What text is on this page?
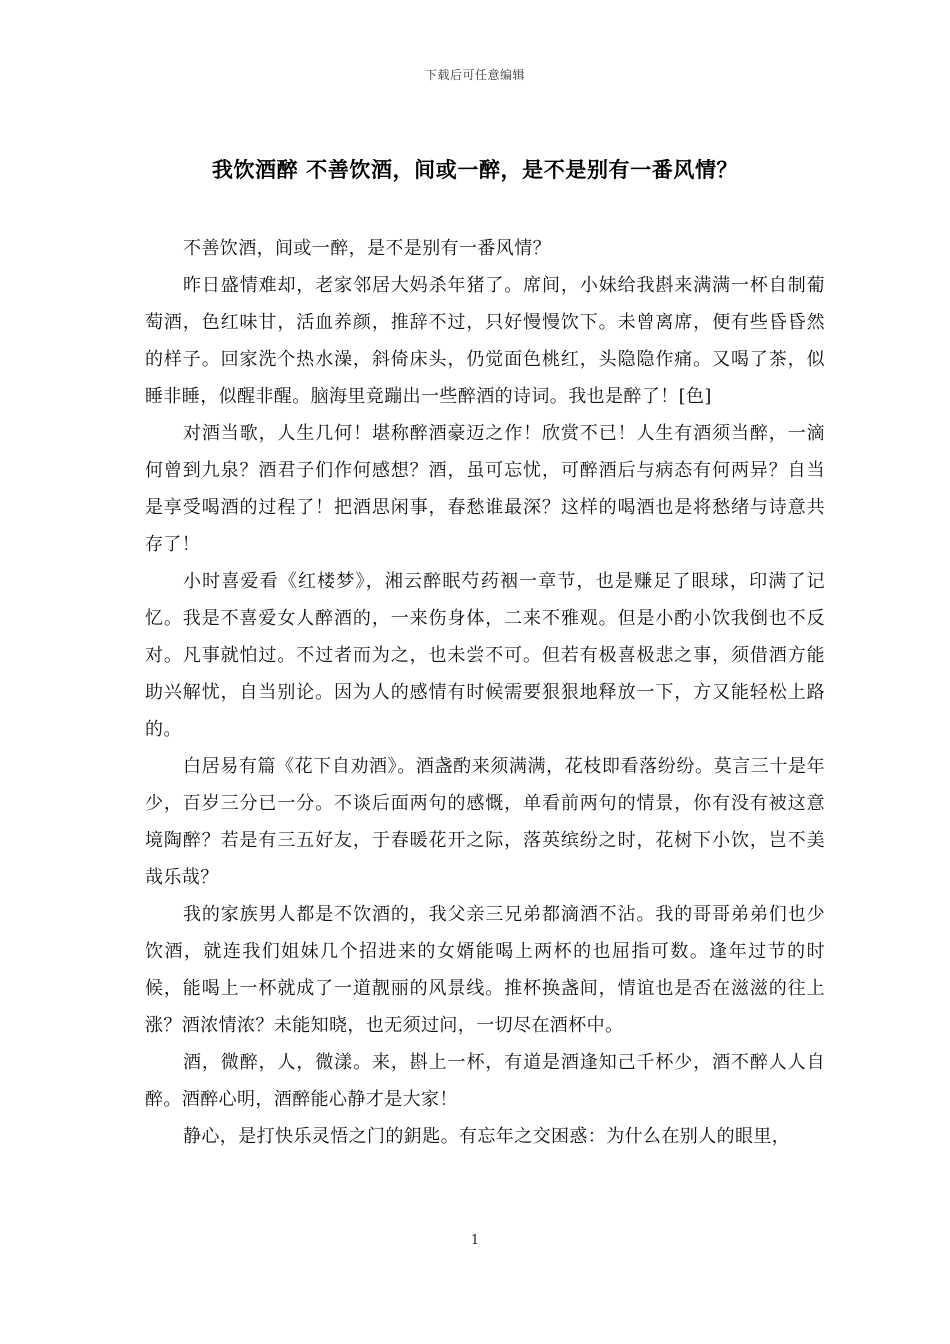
下载后可任意编辑
我饮酒醉 不善饮酒，间或一醉，是不是别有一番风情？

不善饮酒，间或一醉，是不是别有一番风情？

昨日盛情难却，老家邻居大妈杀年猪了。席间，小妹给我斟来满满一杯自制葡萄酒，色红味甘，活血养颜，推辞不过，只好慢慢饮下。未曾离席，便有些昏昏然的样子。回家洗个热水澡，斜倚床头，仍觉面色桃红，头隐隐作痛。又喝了茶，似睡非睡，似醒非醒。脑海里竟蹦出一些醉酒的诗词。我也是醉了！[色]

对酒当歌，人生几何！堪称醉酒豪迈之作！欣赏不已！人生有酒须当醉，一滴何曾到九泉？酒君子们作何感想？酒，虽可忘忧，可醉酒后与病态有何两异？自当是享受喝酒的过程了！把酒思闲事，春愁谁最深？这样的喝酒也是将愁绪与诗意共存了！

小时喜爱看《红楼梦》，湘云醉眠芍药裀一章节，也是赚足了眼球，印满了记忆。我是不喜爱女人醉酒的，一来伤身体，二来不雅观。但是小酌小饮我倒也不反对。凡事就怕过。不过者而为之，也未尝不可。但若有极喜极悲之事，须借酒方能助兴解忧，自当别论。因为人的感情有时候需要狠狠地释放一下，方又能轻松上路的。

白居易有篇《花下自劝酒》。酒盏酌来须满满，花枝即看落纷纷。莫言三十是年少，百岁三分已一分。不谈后面两句的感慨，单看前两句的情景，你有没有被这意境陶醉？若是有三五好友，于春暖花开之际，落英缤纷之时，花树下小饮，岂不美哉乐哉？

我的家族男人都是不饮酒的，我父亲三兄弟都滴酒不沾。我的哥哥弟弟们也少饮酒，就连我们姐妹几个招进来的女婿能喝上两杯的也屈指可数。逢年过节的时候，能喝上一杯就成了一道靓丽的风景线。推杯换盏间，情谊也是否在滋滋的往上涨？酒浓情浓？未能知晓，也无须过问，一切尽在酒杯中。

酒，微醉，人，微漾。来，斟上一杯，有道是酒逢知己千杯少，酒不醉人人自醉。酒醉心明，酒醉能心静才是大家！

静心，是打快乐灵悟之门的鈅匙。有忘年之交困惑：为什么在别人的眼里，

1
